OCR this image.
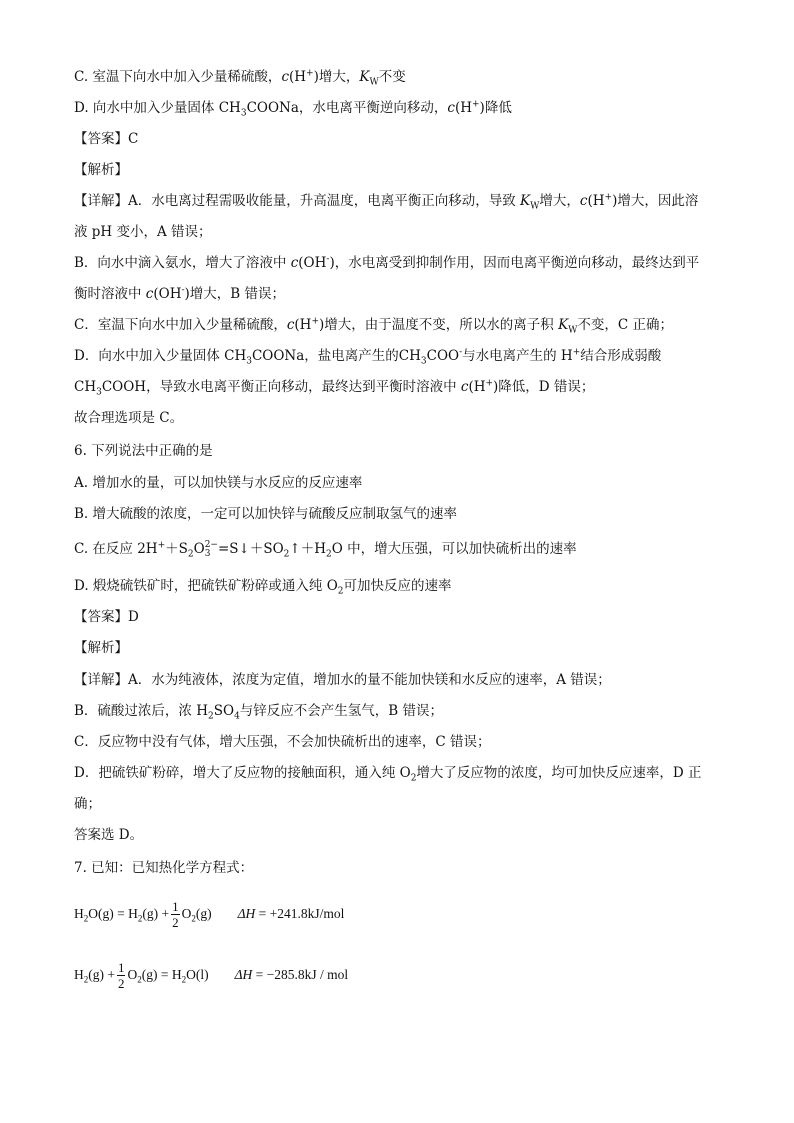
C. 室温下向水中加入少量稀硫酸，c(H+)增大，$K_W$不变
D. 向水中加入少量固体 $CH_3COONa$，水电离平衡逆向移动，c(H+)降低
【答案】C
【解析】
【详解】A．水电离过程需吸收能量，升高温度，电离平衡正向移动，导致 $K_W$增大，c(H+)增大，因此溶
液 pH 变小，A 错误；
B．向水中滴入氨水，增大了溶液中 c(OH-)，水电离受到抑制作用，因而电离平衡逆向移动，最终达到平
衡时溶液中 c(OH-)增大，B 错误；
C．室温下向水中加入少量稀硫酸，c(H+)增大，由于温度不变，所以水的离子积 $K_W$不变，C 正确；
D．向水中加入少量固体 $CH_3COONa$，盐电离产生的$CH_3COO^-$与水电离产生的 H+结合形成弱酸
$CH_3COOH$，导致水电离平衡正向移动，最终达到平衡时溶液中 c(H+)降低，D 错误；
故合理选项是 C。
6. 下列说法中正确的是
A. 增加水的量，可以加快镁与水反应的反应速率
B. 增大硫酸的浓度，一定可以加快锌与硫酸反应制取氢气的速率
C. 在反应 $2H^++S_2O$ 2−
$3 =S↓+SO_2↑+H_2O$ 中，增大压强，可以加快硫析出的速率
D. 煅烧硫铁矿时，把硫铁矿粉碎或通入纯 $O_2$可加快反应的速率
【答案】D
【解析】
【详解】A．水为纯液体，浓度为定值，增加水的量不能加快镁和水反应的速率，A 错误；
B．硫酸过浓后，浓 $H_2SO_4$与锌反应不会产生氢气，B 错误；
C．反应物中没有气体，增大压强，不会加快硫析出的速率，C 错误；
D．把硫铁矿粉碎，增大了反应物的接触面积，通入纯 $O_2$增大了反应物的浓度，均可加快反应速率，D 正
确；
答案选 D。
7. 已知：已知热化学方程式：
$H_2O(g) = H_2(g) + \frac{1}{2} O_2(g) \Delta H = +241.8kJ/mol$
$H_2(g) + \frac{1}{2} O_2(g) = H_2O(l) \Delta H = -285.8kJ$ / mol
